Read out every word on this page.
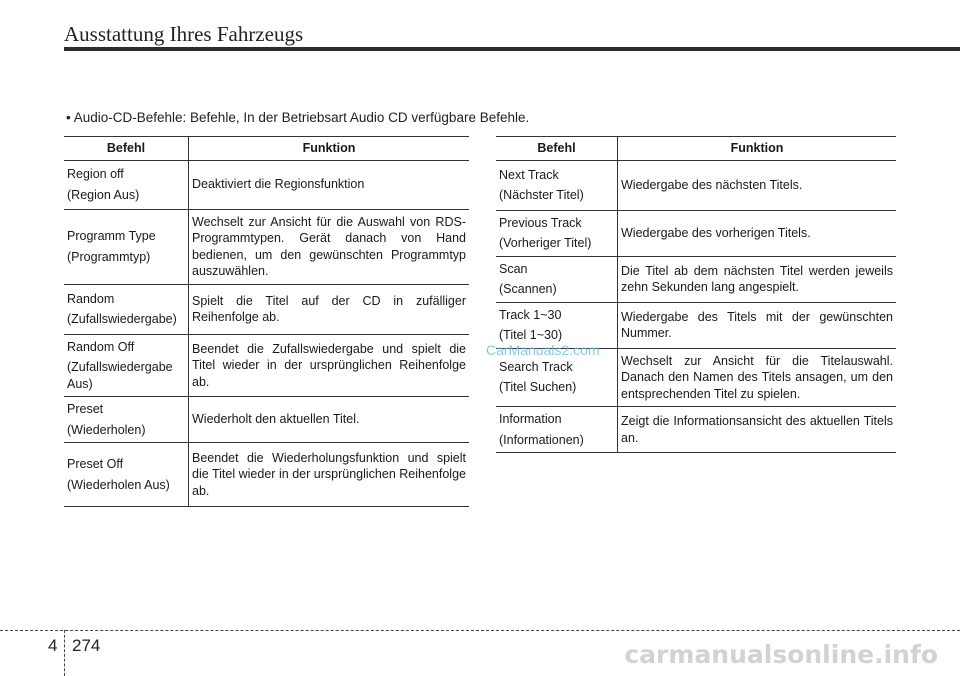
Ausstattung Ihres Fahrzeugs
• Audio-CD-Befehle: Befehle, In der Betriebsart Audio CD verfügbare Befehle.
Befehl	Funktion

Region off
(Region Aus)	Deaktiviert die Regionsfunktion

Programm Type
(Programmtyp)	Wechselt zur Ansicht für die Auswahl von RDS-Programmtypen. Gerät danach von Hand bedienen, um den gewünschten Programmtyp auszuwählen.

Random
(Zufallswiedergabe)	Spielt die Titel auf der CD in zufälliger Reihenfolge ab.

Random Off
(Zufallswiedergabe Aus)	Beendet die Zufallswiedergabe und spielt die Titel wieder in der ursprünglichen Reihenfolge ab.

Preset
(Wiederholen)	Wiederholt den aktuellen Titel.

Preset Off
(Wiederholen Aus)	Beendet die Wiederholungsfunktion und spielt die Titel wieder in der ursprünglichen Reihenfolge ab.
Befehl	Funktion

Next Track
(Nächster Titel)	Wiedergabe des nächsten Titels.

Previous Track
(Vorheriger Titel)	Wiedergabe des vorherigen Titels.

Scan
(Scannen)	Die Titel ab dem nächsten Titel werden jeweils zehn Sekunden lang angespielt.

Track 1~30
(Titel 1~30)	Wiedergabe des Titels mit der gewünschten Nummer.

Search Track
(Titel Suchen)	Wechselt zur Ansicht für die Titelauswahl. Danach den Namen des Titels ansagen, um den entsprechenden Titel zu spielen.

Information
(Informationen)	Zeigt die Informationsansicht des aktuellen Titels an.
CarManuals2.com
4 274	carmanualsonline.info
